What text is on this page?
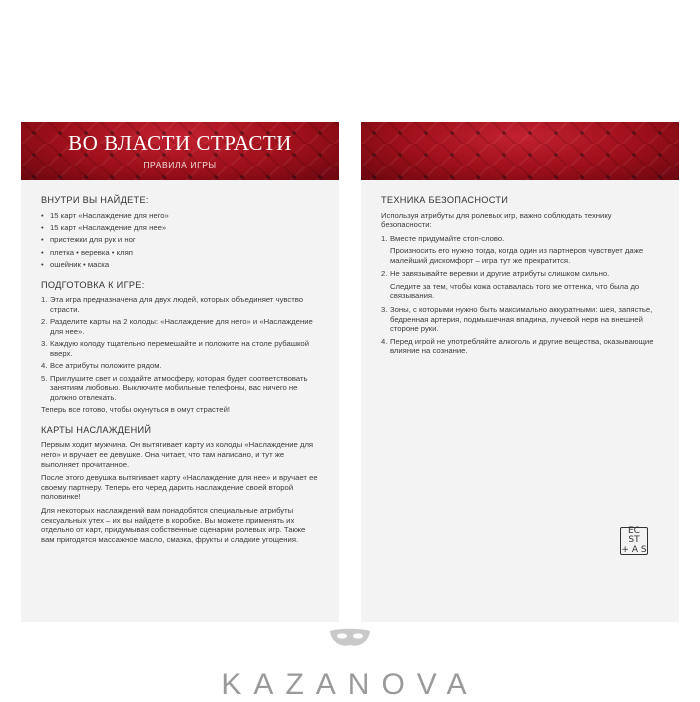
ВО ВЛАСТИ СТРАСТИ
ПРАВИЛА ИГРЫ
ВНУТРИ ВЫ НАЙДЕТЕ:
• 15 карт «Наслаждение для него»
• 15 карт «Наслаждение для нее»
• пристежки для рук и ног
• плетка • веревка • кляп
• ошейник • маска
ПОДГОТОВКА К ИГРЕ:
1. Эта игра предназначена для двух людей, которых объединяет чувство страсти.
2. Разделите карты на 2 колоды: «Наслаждение для него» и «Наслаждение для нее».
3. Каждую колоду тщательно перемешайте и положите на столе рубашкой вверх.
4. Все атрибуты положите рядом.
5. Приглушите свет и создайте атмосферу, которая будет соответствовать занятиям любовью. Выключите мобильные телефоны, вас ничего не должно отвлекать.
Теперь все готово, чтобы окунуться в омут страстей!
КАРТЫ НАСЛАЖДЕНИЙ
Первым ходит мужчина. Он вытягивает карту из колоды «Наслаждение для него» и вручает ее девушке. Она читает, что там написано, и тут же выполняет прочитанное.
После этого девушка вытягивает карту «Наслаждение для нее» и вручает ее своему партнеру. Теперь его черед дарить наслаждение своей второй половинке!
Для некоторых наслаждений вам понадобятся специальные атрибуты сексуальных утех – их вы найдете в коробке. Вы можете применять их отдельно от карт, придумывая собственные сценарии ролевых игр. Также вам пригодятся массажное масло, смазка, фрукты и сладкие угощения.
ТЕХНИКА БЕЗОПАСНОСТИ
Используя атрибуты для ролевых игр, важно соблюдать технику безопасности:
1. Вместе придумайте стоп-слово.
Произносить его нужно тогда, когда один из партнеров чувствует даже малейший дискомфорт – игра тут же прекратится.
2. Не завязывайте веревки и другие атрибуты слишком сильно.
Следите за тем, чтобы кожа оставалась того же оттенка, что была до связывания.
3. Зоны, с которыми нужно быть максимально аккуратными: шея, запястье, бедренная артерия, подмышечная впадина, лучевой нерв на внешней стороне руки.
4. Перед игрой не употребляйте алкоголь и другие вещества, оказывающие влияние на сознание.
EC ST
+ A S
KAZANOVA
